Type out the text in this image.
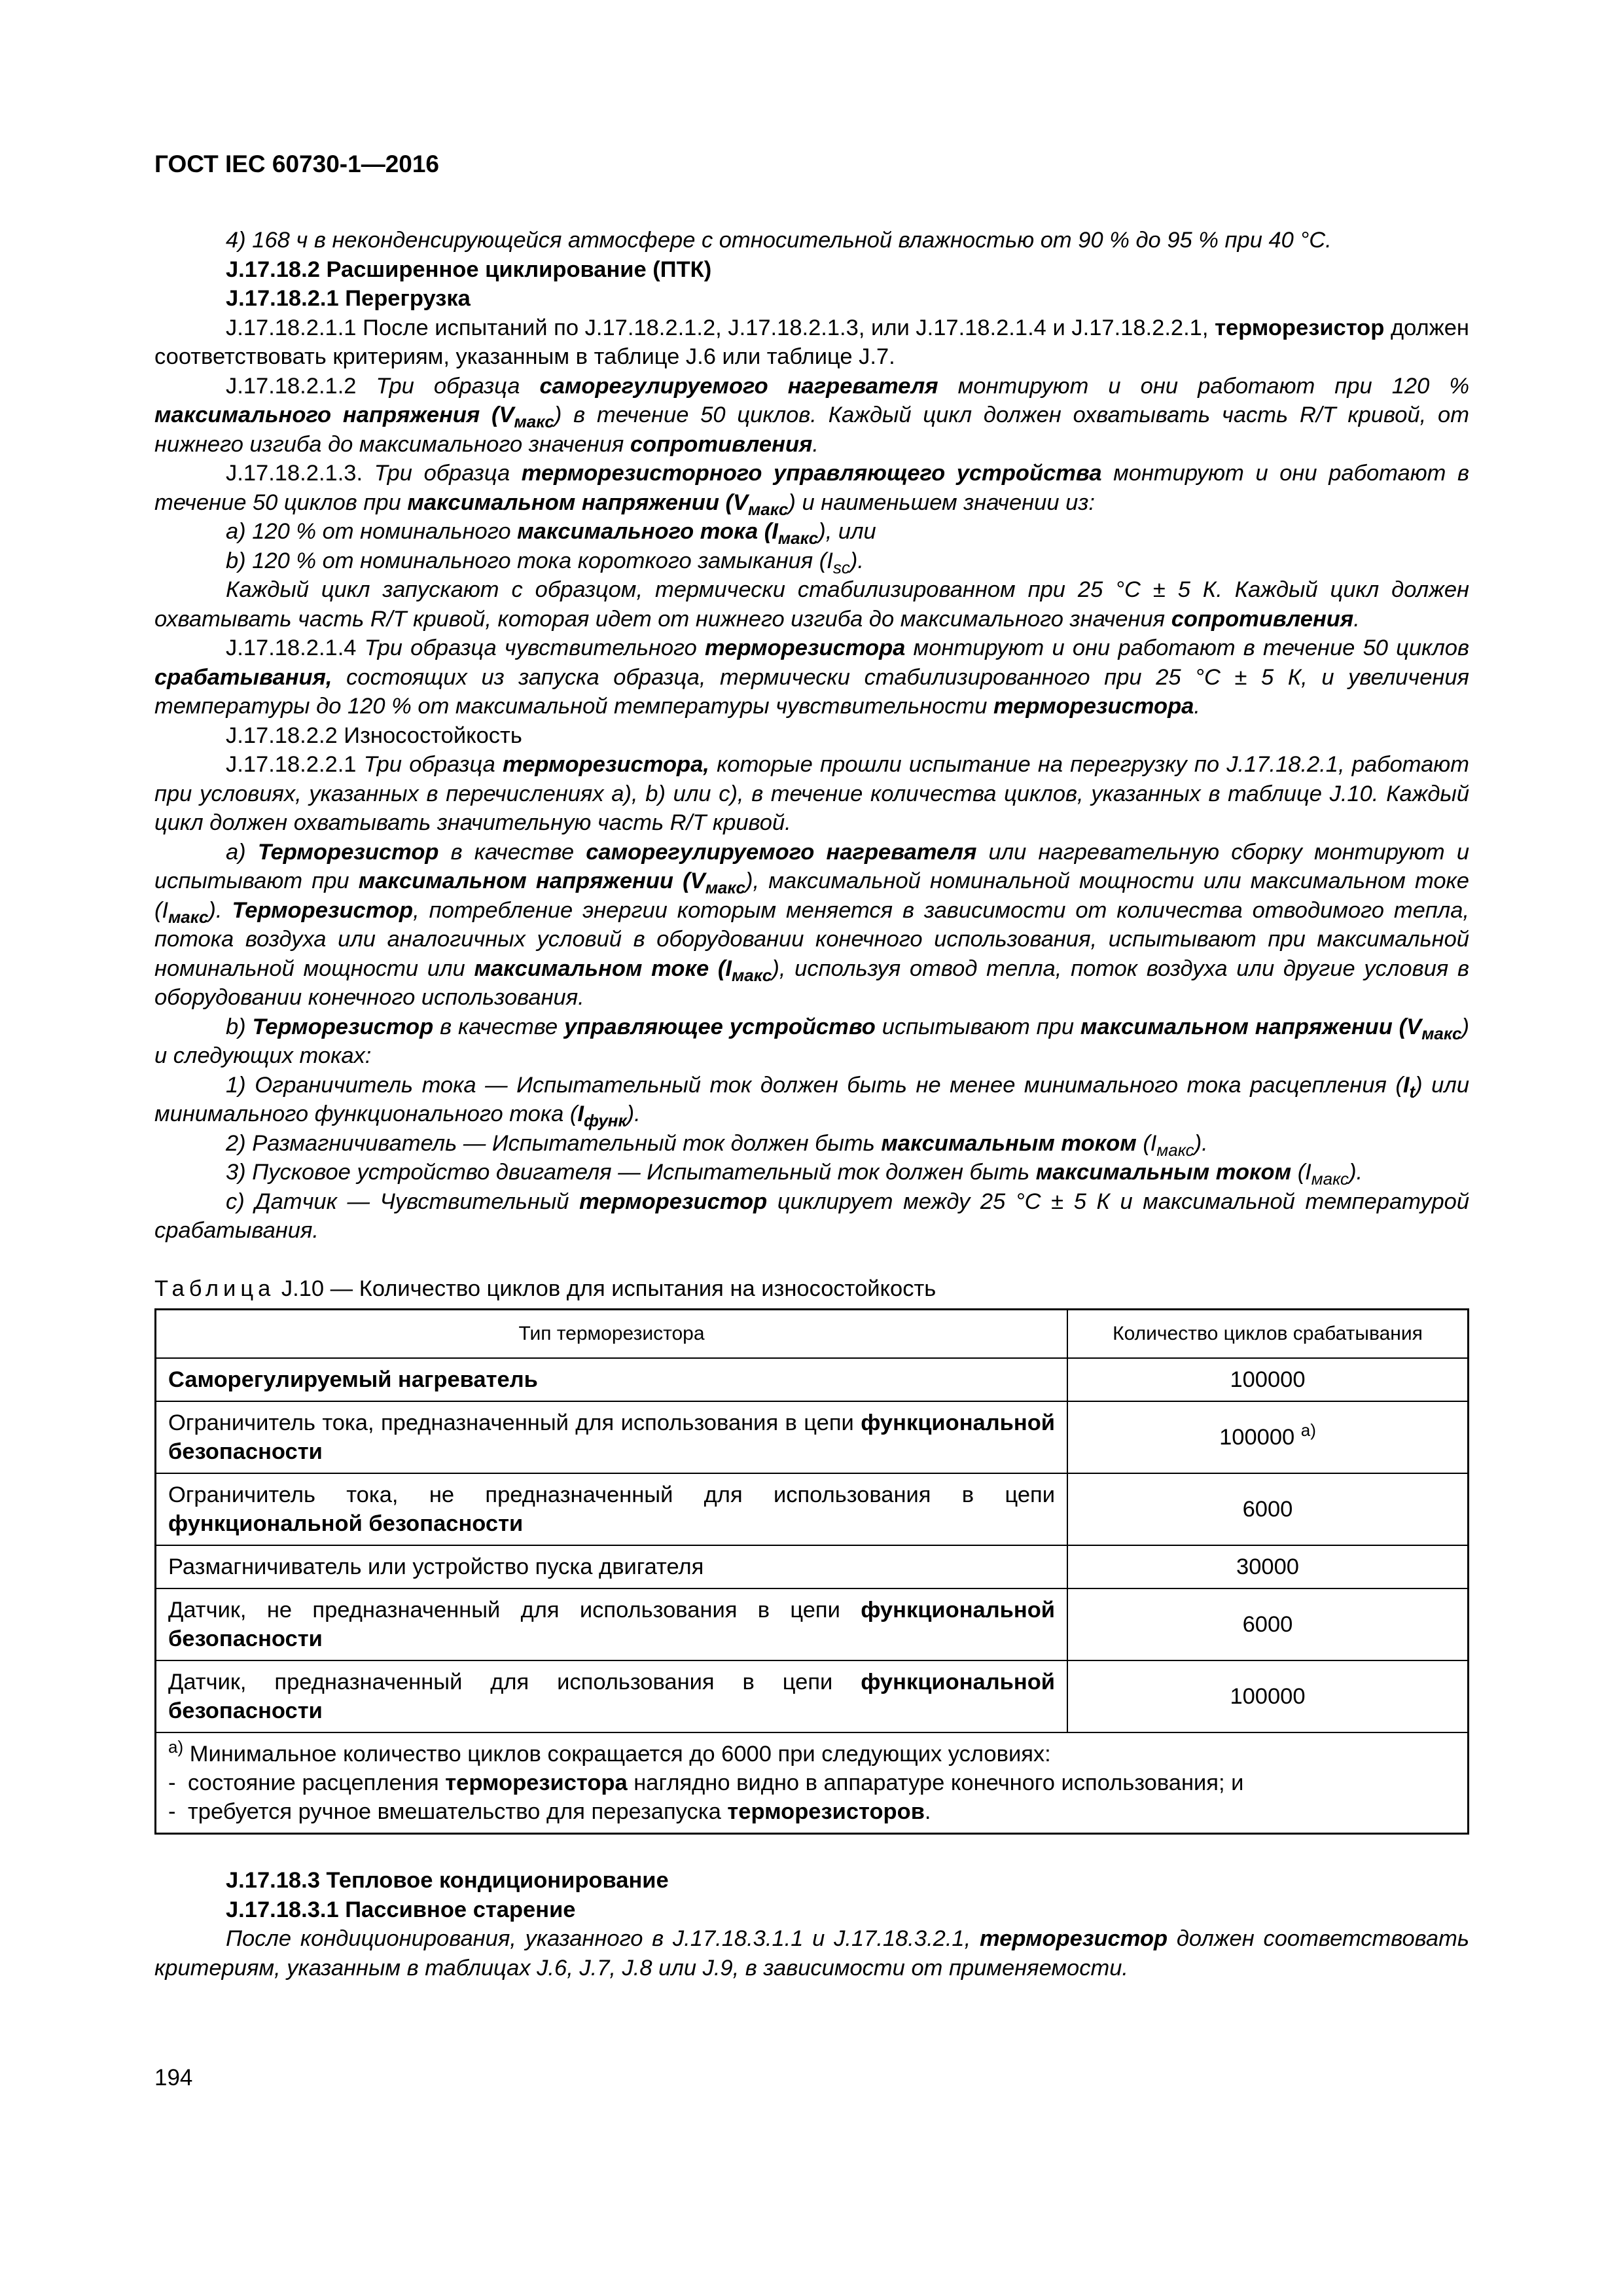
ГОСТ IEC 60730-1—2016

4) 168 ч в неконденсирующейся атмосфере с относительной влажностью от 90 % до 95 % при 40 °С.

J.17.18.2 Расширенное циклирование (ПТК)

J.17.18.2.1 Перегрузка

J.17.18.2.1.1 После испытаний по J.17.18.2.1.2, J.17.18.2.1.3, или J.17.18.2.1.4 и J.17.18.2.2.1, терморезистор должен соответствовать критериям, указанным в таблице J.6 или таблице J.7.

J.17.18.2.1.2 Три образца саморегулируемого нагревателя монтируют и они работают при 120 % максимального напряжения $(V_{макс})$ в течение 50 циклов. Каждый цикл должен охватывать часть R/T кривой, от нижнего изгиба до максимального значения сопротивления.

J.17.18.2.1.3. Три образца терморезисторного управляющего устройства монтируют и они работают в течение 50 циклов при максимальном напряжении $(V_{макс})$ и наименьшем значении из:

a) 120 % от номинального максимального тока $(I_{макс})$, или

b) 120 % от номинального тока короткого замыкания $(I_{sc})$.

Каждый цикл запускают с образцом, термически стабилизированном при 25 °С ± 5 К. Каждый цикл должен охватывать часть R/T кривой, которая идет от нижнего изгиба до максимального значения сопротивления.

J.17.18.2.1.4 Три образца чувствительного терморезистора монтируют и они работают в течение 50 циклов срабатывания, состоящих из запуска образца, термически стабилизированного при 25 °С ± 5 К, и увеличения температуры до 120 % от максимальной температуры чувствительности терморезистора.

J.17.18.2.2 Износостойкость

J.17.18.2.2.1 Три образца терморезистора, которые прошли испытание на перегрузку по J.17.18.2.1, работают при условиях, указанных в перечислениях a), b) или с), в течение количества циклов, указанных в таблице J.10. Каждый цикл должен охватывать значительную часть R/T кривой.

a) Терморезистор в качестве саморегулируемого нагревателя или нагревательную сборку монтируют и испытывают при максимальном напряжении $(V_{макс})$, максимальной номинальной мощности или максимальном токе $(I_{макс})$. Терморезистор, потребление энергии которым меняется в зависимости от количества отводимого тепла, потока воздуха или аналогичных условий в оборудовании конечного использования, испытывают при максимальной номинальной мощности или максимальном токе $(I_{макс})$, используя отвод тепла, поток воздуха или другие условия в оборудовании конечного использования.

b) Терморезистор в качестве управляющее устройство испытывают при максимальном напряжении $(V_{макс})$ и следующих токах:

1) Ограничитель тока — Испытательный ток должен быть не менее минимального тока расцепления $(I_t)$ или минимального функционального тока $(I_{функ})$.

2) Размагничиватель — Испытательный ток должен быть максимальным током $(I_{макс})$.

3) Пусковое устройство двигателя — Испытательный ток должен быть максимальным током $(I_{макс})$.

c) Датчик — Чувствительный терморезистор циклирует между 25 °С ± 5 К и максимальной температурой срабатывания.

Таблица J.10 — Количество циклов для испытания на износостойкость
Тип терморезистора	Количество циклов срабатывания
Саморегулируемый нагреватель	100000
Ограничитель тока, предназначенный для использования в цепи функциональной безопасности	100000 $^{а)}$
Ограничитель тока, не предназначенный для использования в цепи функциональной безопасности	6000
Размагничиватель или устройство пуска двигателя	30000
Датчик, не предназначенный для использования в цепи функциональной безопасности	6000
Датчик, предназначенный для использования в цепи функциональной безопасности	100000

$^{а)}$ Минимальное количество циклов сокращается до 6000 при следующих условиях:
- состояние расцепления терморезистора наглядно видно в аппаратуре конечного использования; и
- требуется ручное вмешательство для перезапуска терморезисторов.	

J.17.18.3 Тепловое кондиционирование

J.17.18.3.1 Пассивное старение

После кондиционирования, указанного в J.17.18.3.1.1 и J.17.18.3.2.1, терморезистор должен соответствовать критериям, указанным в таблицах J.6, J.7, J.8 или J.9, в зависимости от применяемости.

194
